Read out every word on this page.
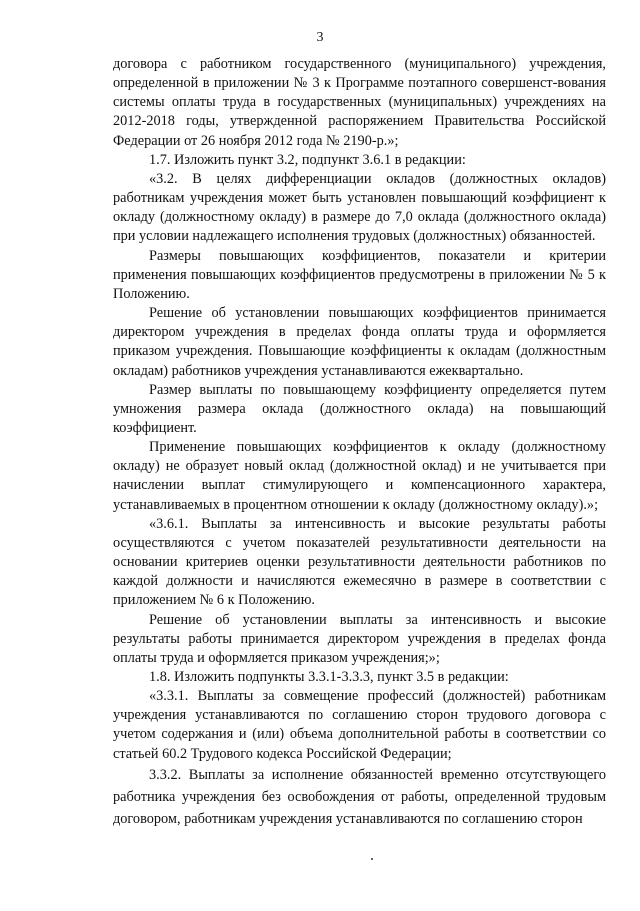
3

договора с работником государственного (муниципального) учреждения, определенной в приложении № 3 к Программе поэтапного совершенст-вования системы оплаты труда в государственных (муниципальных) учреждениях на 2012-2018 годы, утвержденной распоряжением Правительства Российской Федерации от 26 ноября 2012 года № 2190-р.»;

1.7. Изложить пункт 3.2, подпункт 3.6.1 в редакции:

«3.2. В целях дифференциации окладов (должностных окладов) работникам учреждения может быть установлен повышающий коэффициент к окладу (должностному окладу) в размере до 7,0 оклада (должностного оклада) при условии надлежащего исполнения трудовых (должностных) обязанностей.

Размеры повышающих коэффициентов, показатели и критерии применения повышающих коэффициентов предусмотрены в приложении № 5 к Положению.

Решение об установлении повышающих коэффициентов принимается директором учреждения в пределах фонда оплаты труда и оформляется приказом учреждения. Повышающие коэффициенты к окладам (должностным окладам) работников учреждения устанавливаются ежеквартально.

Размер выплаты по повышающему коэффициенту определяется путем умножения размера оклада (должностного оклада) на повышающий коэффициент.

Применение повышающих коэффициентов к окладу (должностному окладу) не образует новый оклад (должностной оклад) и не учитывается при начислении выплат стимулирующего и компенсационного характера, устанавливаемых в процентном отношении к окладу (должностному окладу).»;

«3.6.1. Выплаты за интенсивность и высокие результаты работы осуществляются с учетом показателей результативности деятельности на основании критериев оценки результативности деятельности работников по каждой должности и начисляются ежемесячно в размере в соответствии с приложением № 6 к Положению.

Решение об установлении выплаты за интенсивность и высокие результаты работы принимается директором учреждения в пределах фонда оплаты труда и оформляется приказом учреждения;»;

1.8. Изложить подпункты 3.3.1-3.3.3, пункт 3.5 в редакции:

«3.3.1. Выплаты за совмещение профессий (должностей) работникам учреждения устанавливаются по соглашению сторон трудового договора с учетом содержания и (или) объема дополнительной работы в соответствии со статьей 60.2 Трудового кодекса Российской Федерации;

3.3.2. Выплаты за исполнение обязанностей временно отсутствующего работника учреждения без освобождения от работы, определенной трудовым договором, работникам учреждения устанавливаются по соглашению сторон
